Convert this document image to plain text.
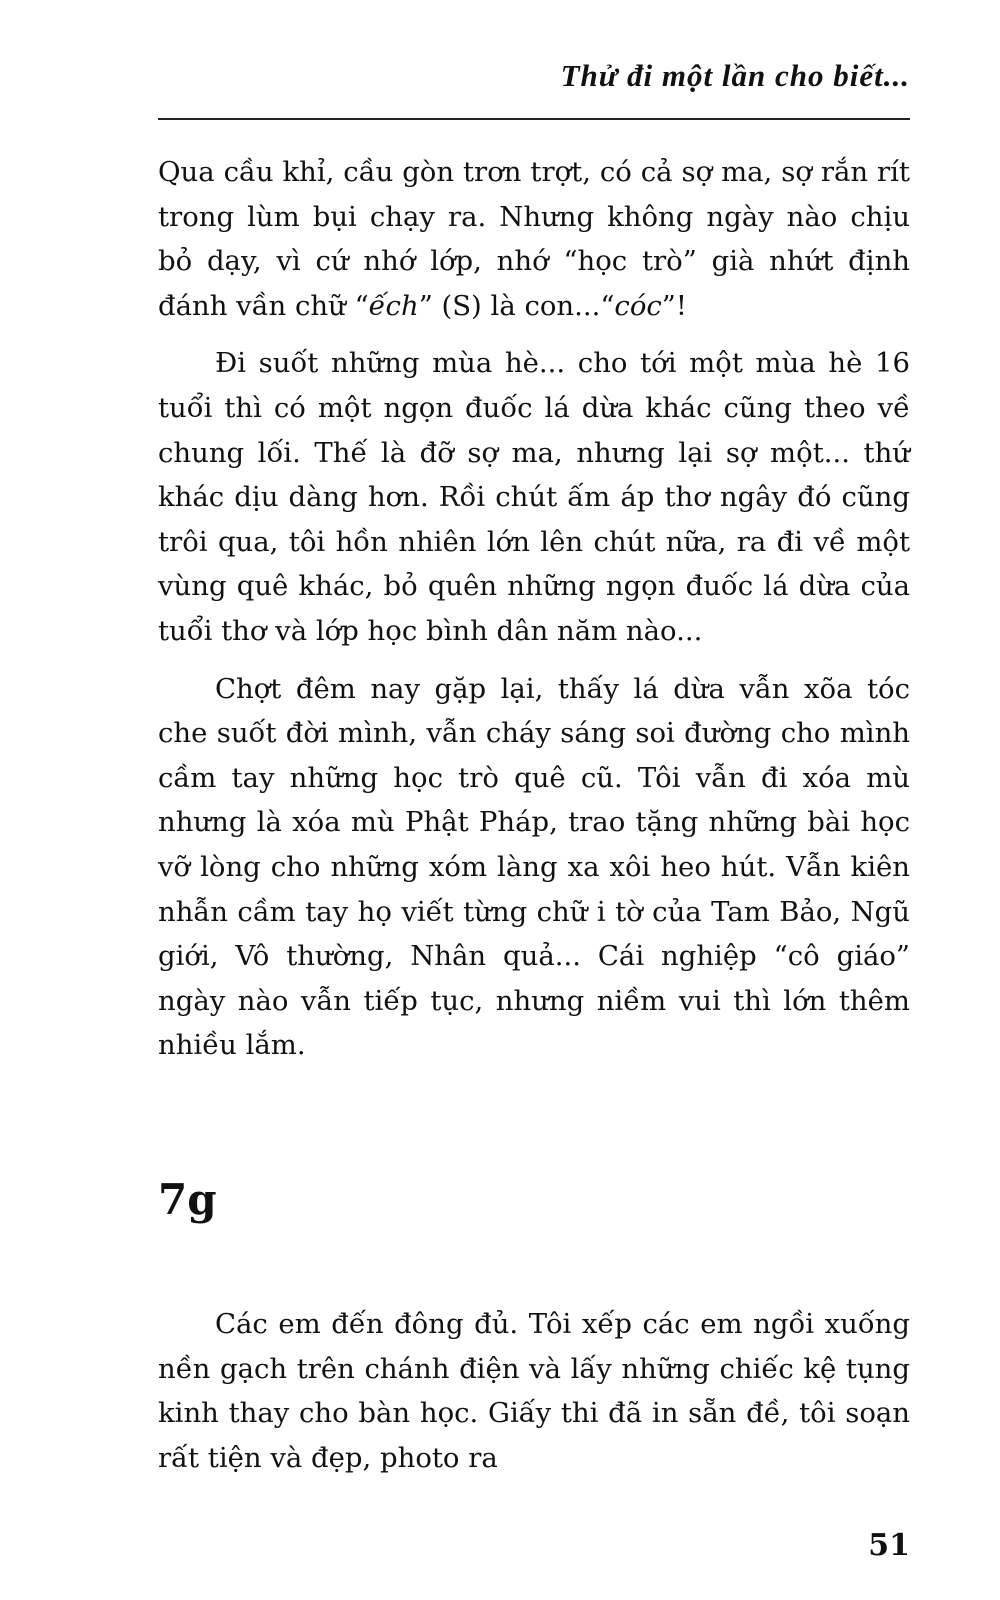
Thử đi một lần cho biết...

Qua cầu khỉ, cầu gòn trơn trợt, có cả sợ ma, sợ rắn rít trong lùm bụi chạy ra. Nhưng không ngày nào chịu bỏ dạy, vì cứ nhớ lớp, nhớ “học trò” già nhứt định đánh vần chữ “ếch” (S) là con...“cóc”!

Đi suốt những mùa hè... cho tới một mùa hè 16 tuổi thì có một ngọn đuốc lá dừa khác cũng theo về chung lối. Thế là đỡ sợ ma, nhưng lại sợ một... thứ khác dịu dàng hơn. Rồi chút ấm áp thơ ngây đó cũng trôi qua, tôi hồn nhiên lớn lên chút nữa, ra đi về một vùng quê khác, bỏ quên những ngọn đuốc lá dừa của tuổi thơ và lớp học bình dân năm nào...

Chợt đêm nay gặp lại, thấy lá dừa vẫn xõa tóc che suốt đời mình, vẫn cháy sáng soi đường cho mình cầm tay những học trò quê cũ. Tôi vẫn đi xóa mù nhưng là xóa mù Phật Pháp, trao tặng những bài học vỡ lòng cho những xóm làng xa xôi heo hút. Vẫn kiên nhẫn cầm tay họ viết từng chữ i tờ của Tam Bảo, Ngũ giới, Vô thường, Nhân quả... Cái nghiệp “cô giáo” ngày nào vẫn tiếp tục, nhưng niềm vui thì lớn thêm nhiều lắm.

7g

Các em đến đông đủ. Tôi xếp các em ngồi xuống nền gạch trên chánh điện và lấy những chiếc kệ tụng kinh thay cho bàn học. Giấy thi đã in sẵn đề, tôi soạn rất tiện và đẹp, photo ra

51
